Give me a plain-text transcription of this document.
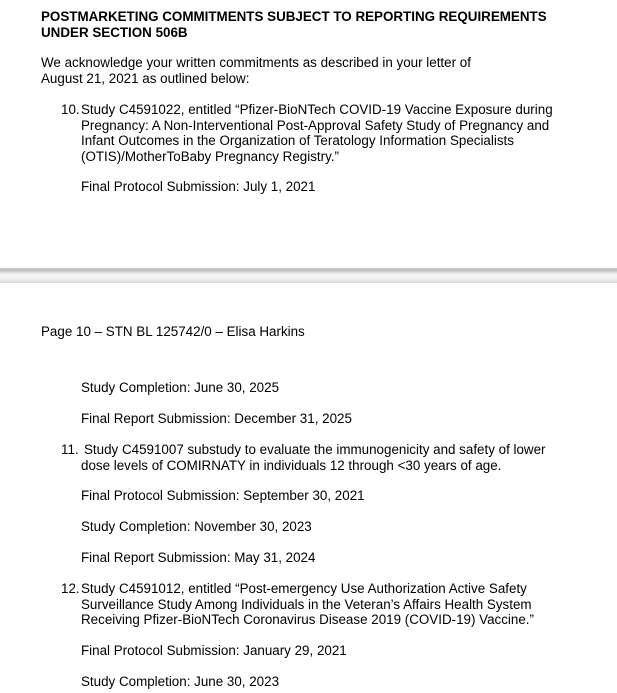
POSTMARKETING COMMITMENTS SUBJECT TO REPORTING REQUIREMENTS
UNDER SECTION 506B
We acknowledge your written commitments as described in your letter of
August 21, 2021 as outlined below:
10. Study C4591022, entitled “Pfizer-BioNTech COVID-19 Vaccine Exposure during
Pregnancy: A Non-Interventional Post-Approval Safety Study of Pregnancy and
Infant Outcomes in the Organization of Teratology Information Specialists
(OTIS)/MotherToBaby Pregnancy Registry.”
Final Protocol Submission: July 1, 2021
Page 10 – STN BL 125742/0 – Elisa Harkins
Study Completion: June 30, 2025
Final Report Submission: December 31, 2025
11. Study C4591007 substudy to evaluate the immunogenicity and safety of lower
dose levels of COMIRNATY in individuals 12 through <30 years of age.
Final Protocol Submission: September 30, 2021
Study Completion: November 30, 2023
Final Report Submission: May 31, 2024
12. Study C4591012, entitled “Post-emergency Use Authorization Active Safety
Surveillance Study Among Individuals in the Veteran’s Affairs Health System
Receiving Pfizer-BioNTech Coronavirus Disease 2019 (COVID-19) Vaccine.”
Final Protocol Submission: January 29, 2021
Study Completion: June 30, 2023
